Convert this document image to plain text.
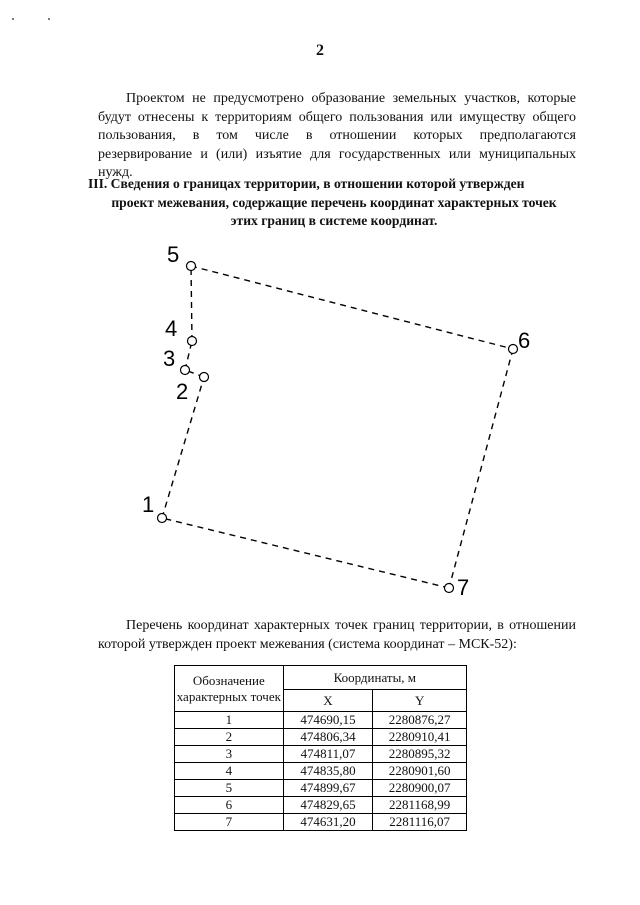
2
Проектом не предусмотрено образование земельных участков, которые будут отнесены к территориям общего пользования или имуществу общего пользования, в том числе в отношении которых предполагаются резервирование и (или) изъятие для государственных или муниципальных нужд.
III. Сведения о границах территории, в отношении которой утвержден
проект межевания, содержащие перечень координат характерных точек
этих границ в системе координат.
1
2
3
4
5
6
7
Перечень координат характерных точек границ территории, в отношении которой утвержден проект межевания (система координат – МСК-52):
Обозначение характерных точек	Координаты, м	
	X	Y
1	474690,15	2280876,27
2	474806,34	2280910,41
3	474811,07	2280895,32
4	474835,80	2280901,60
5	474899,67	2280900,07
6	474829,65	2281168,99
7	474631,20	2281116,07
